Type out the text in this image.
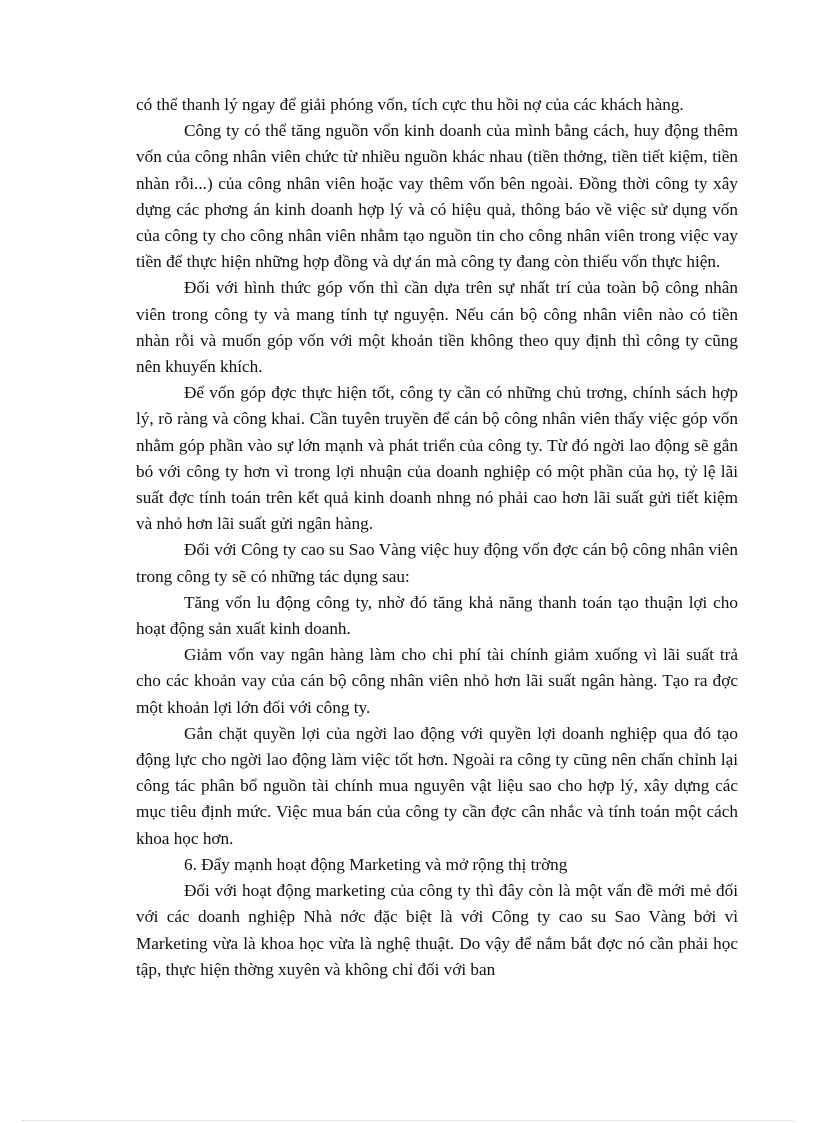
có thể thanh lý ngay để giải phóng vốn, tích cực thu hồi nợ của các khách hàng.

Công ty có thể tăng nguồn vốn kinh doanh của mình bằng cách, huy động thêm vốn của công nhân viên chức từ nhiều nguồn khác nhau (tiền thởng, tiền tiết kiệm, tiền nhàn rỗi...) của công nhân viên hoặc vay thêm vốn bên ngoài. Đồng thời công ty xây dựng các phơng án kinh doanh hợp lý và có hiệu quả, thông báo về việc sử dụng vốn của công ty cho công nhân viên nhằm tạo nguồn tin cho công nhân viên trong việc vay tiền để thực hiện những hợp đồng và dự án mà công ty đang còn thiếu vốn thực hiện.

Đối với hình thức góp vốn thì cần dựa trên sự nhất trí của toàn bộ công nhân viên trong công ty và mang tính tự nguyện. Nếu cán bộ công nhân viên nào có tiền nhàn rỗi và muốn góp vốn với một khoản tiền không theo quy định thì công ty cũng nên khuyến khích.

Để vốn góp đợc thực hiện tốt, công ty cần có những chủ trơng, chính sách hợp lý, rõ ràng và công khai. Cần tuyên truyền để cán bộ công nhân viên thấy việc góp vốn nhằm góp phần vào sự lớn mạnh và phát triển của công ty. Từ đó ngời lao động sẽ gắn bó với công ty hơn vì trong lợi nhuận của doanh nghiệp có một phần của họ, tỷ lệ lãi suất đợc tính toán trên kết quả kinh doanh nhng nó phải cao hơn lãi suất gửi tiết kiệm và nhỏ hơn lãi suất gửi ngân hàng.

Đối với Công ty cao su Sao Vàng việc huy động vốn đợc cán bộ công nhân viên trong công ty sẽ có những tác dụng sau:

Tăng vốn lu động công ty, nhờ đó tăng khả năng thanh toán tạo thuận lợi cho hoạt động sản xuất kinh doanh.

Giảm vốn vay ngân hàng làm cho chi phí tài chính giảm xuống vì lãi suất trả cho các khoản vay của cán bộ công nhân viên nhỏ hơn lãi suất ngân hàng. Tạo ra đợc một khoản lợi lớn đối với công ty.

Gắn chặt quyền lợi của ngời lao động với quyền lợi doanh nghiệp qua đó tạo động lực cho ngời lao động làm việc tốt hơn. Ngoài ra công ty cũng nên chấn chỉnh lại công tác phân bổ nguồn tài chính mua nguyên vật liệu sao cho hợp lý, xây dựng các mục tiêu định mức. Việc mua bán của công ty cần đợc cân nhắc và tính toán một cách khoa học hơn.

6. Đẩy mạnh hoạt động Marketing và mở rộng thị trờng

Đối với hoạt động marketing của công ty thì đây còn là một vấn đề mới mẻ đối với các doanh nghiệp Nhà nớc đặc biệt là với Công ty cao su Sao Vàng bởi vì Marketing vừa là khoa học vừa là nghệ thuật. Do vậy để nắm bắt đợc nó cần phải học tập, thực hiện thờng xuyên và không chỉ đối với ban
